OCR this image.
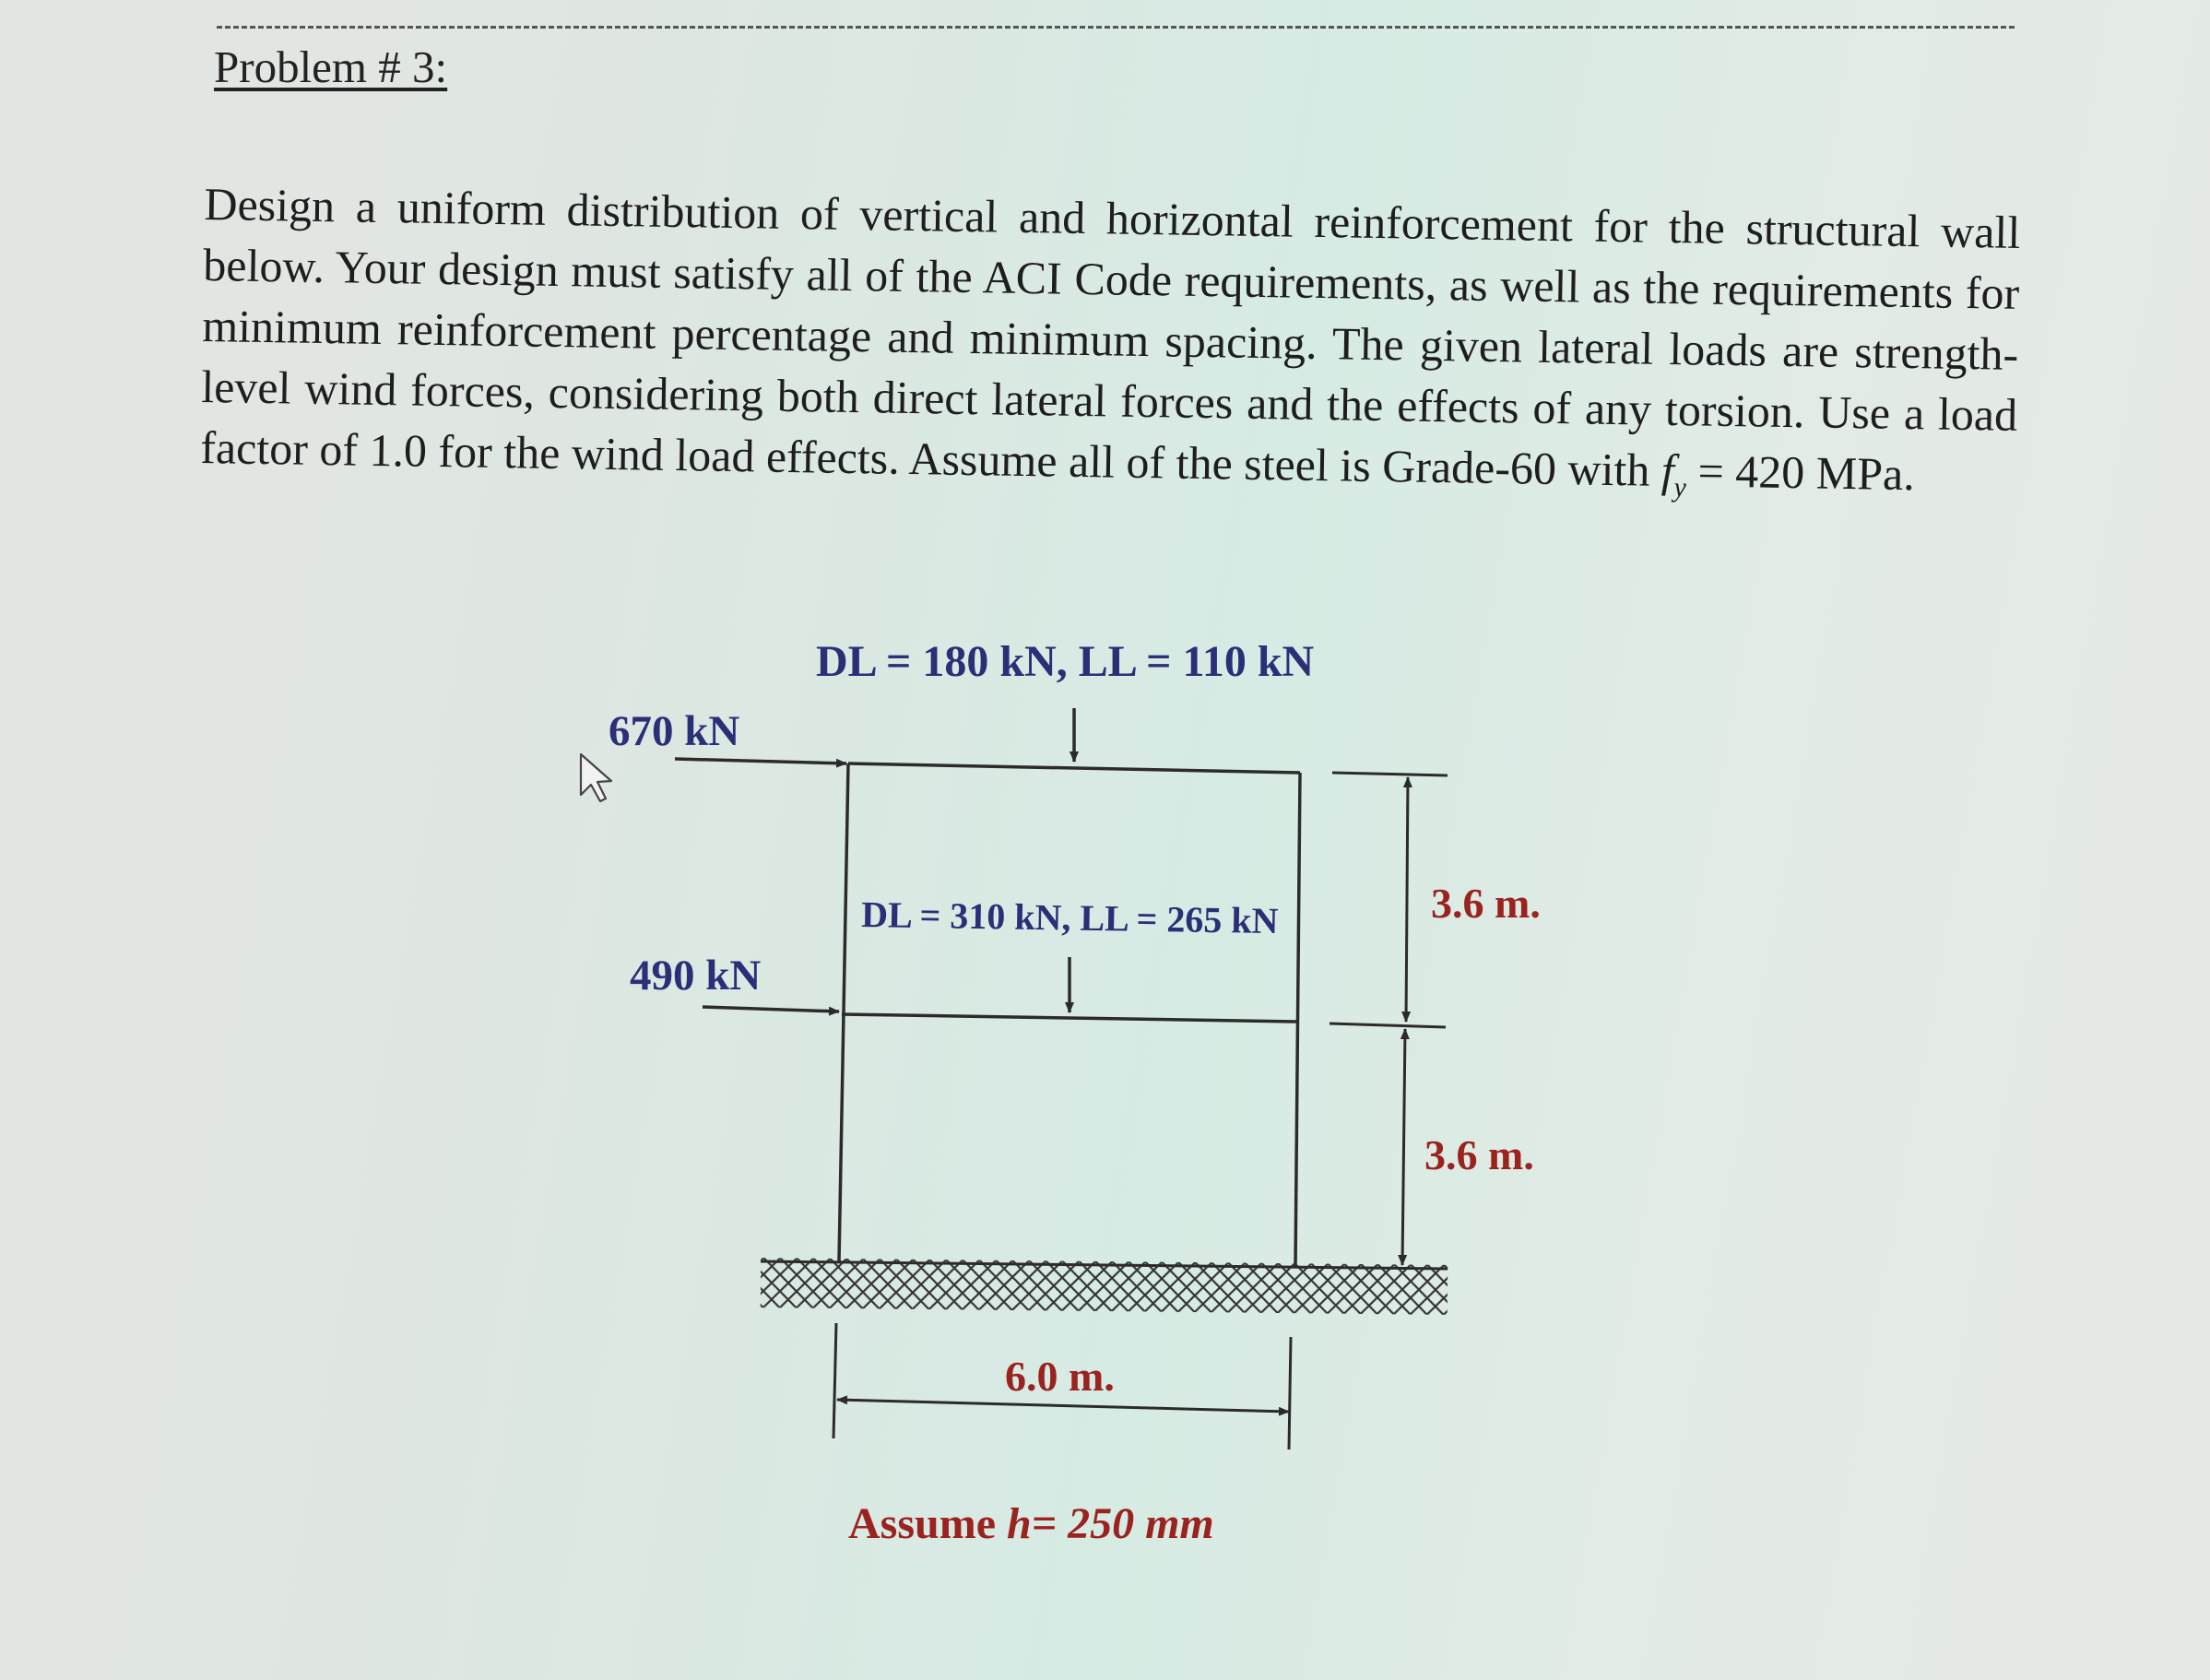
Problem # 3:

Design a uniform distribution of vertical and horizontal reinforcement for the structural wall below. Your design must satisfy all of the ACI Code requirements, as well as the requirements for minimum reinforcement percentage and minimum spacing. The given lateral loads are strength-level wind forces, considering both direct lateral forces and the effects of any torsion. Use a load factor of 1.0 for the wind load effects. Assume all of the steel is Grade-60 with $f_y = 420$ MPa.

DL = 180 kN, LL = 110 kN
DL = 310 kN, LL = 265 kN
670 kN
490 kN
3.6 m.
3.6 m.
6.0 m.
Assume h= 250 mm
